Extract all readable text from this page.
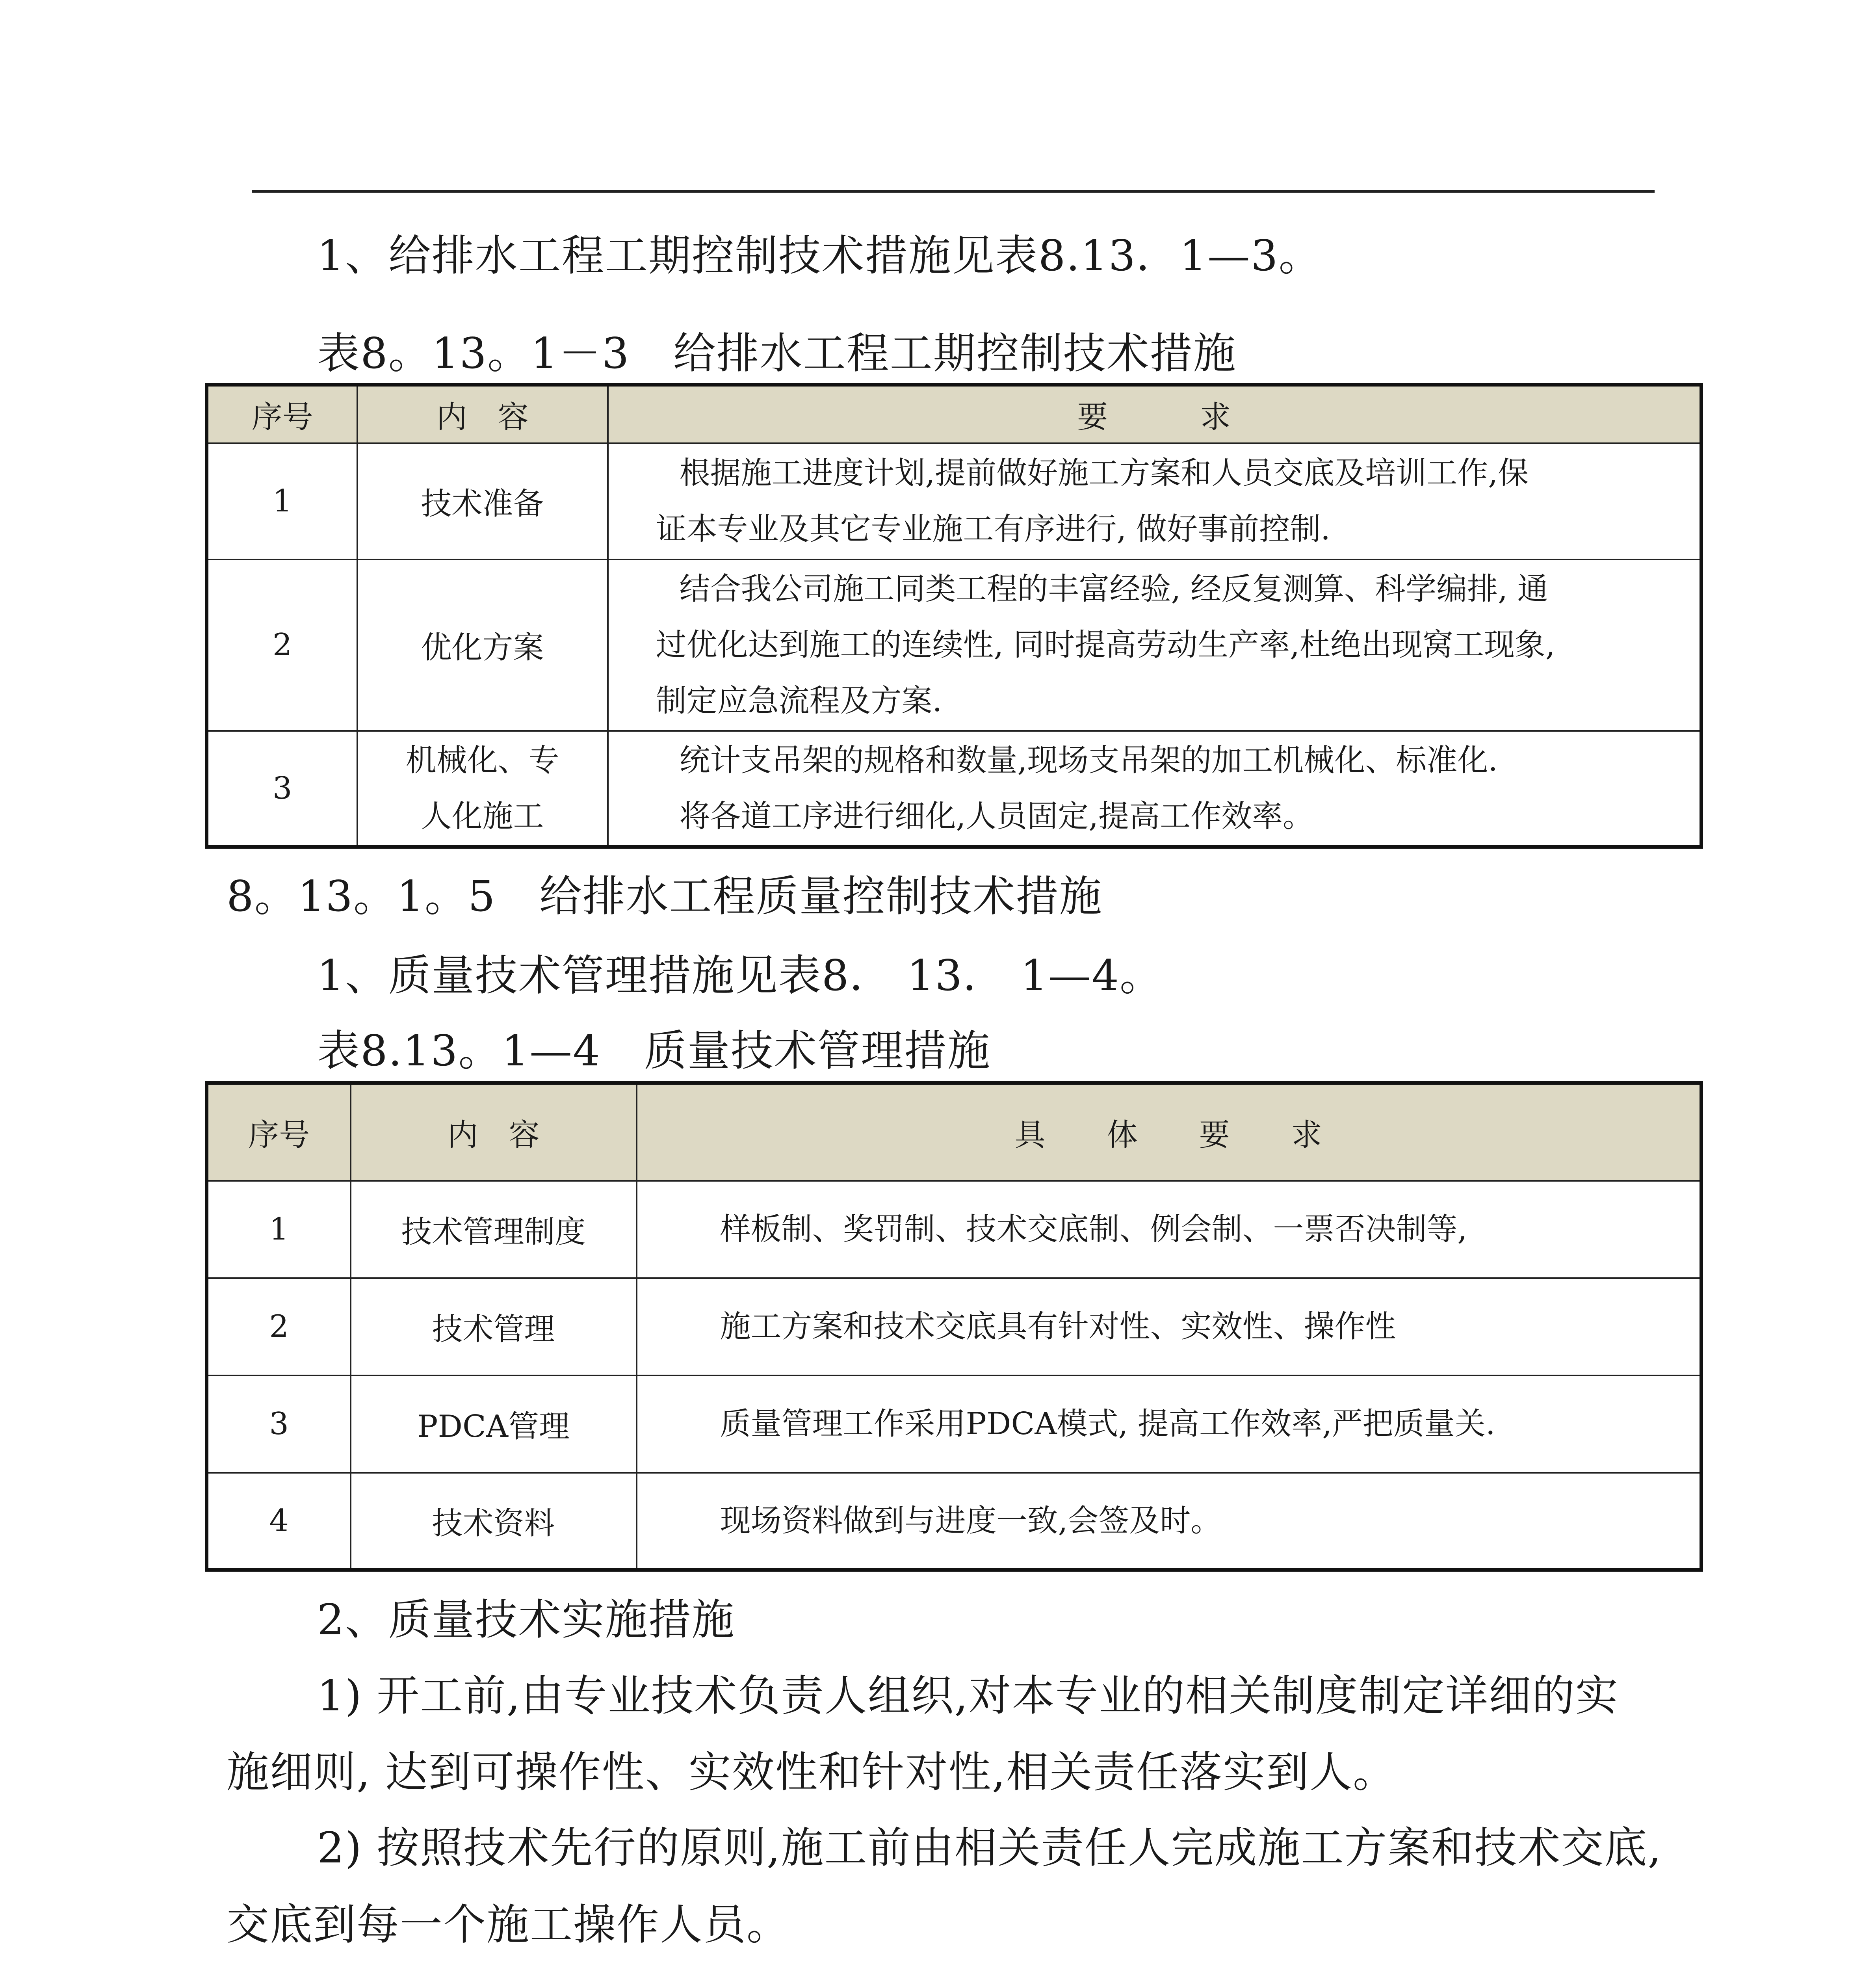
1、给排水工程工期控制技术措施见表8.13．1—3。
表8。13。1－3　给排水工程工期控制技术措施
序号	内　容	要　　　求
1	技术准备	根据施工进度计划,提前做好施工方案和人员交底及培训工作,保
证本专业及其它专业施工有序进行, 做好事前控制.

2	优化方案	结合我公司施工同类工程的丰富经验, 经反复测算、科学编排, 通
过优化达到施工的连续性, 同时提高劳动生产率,杜绝出现窝工现象,
制定应急流程及方案.

3	机械化、专
人化施工	统计支吊架的规格和数量,现场支吊架的加工机械化、标准化.
将各道工序进行细化,人员固定,提高工作效率。
8。13。1。5　给排水工程质量控制技术措施
1、质量技术管理措施见表8． 13． 1—4。
表8.13。1—4　质量技术管理措施
序号	内　容	具　　体　　要　　求
1	技术管理制度	样板制、奖罚制、技术交底制、例会制、一票否决制等,
2	技术管理	施工方案和技术交底具有针对性、实效性、操作性
3	PDCA管理	质量管理工作采用PDCA模式, 提高工作效率,严把质量关.
4	技术资料	现场资料做到与进度一致,会签及时。
2、质量技术实施措施
1) 开工前,由专业技术负责人组织,对本专业的相关制度制定详细的实
施细则, 达到可操作性、实效性和针对性,相关责任落实到人。
2) 按照技术先行的原则,施工前由相关责任人完成施工方案和技术交底,
交底到每一个施工操作人员。
